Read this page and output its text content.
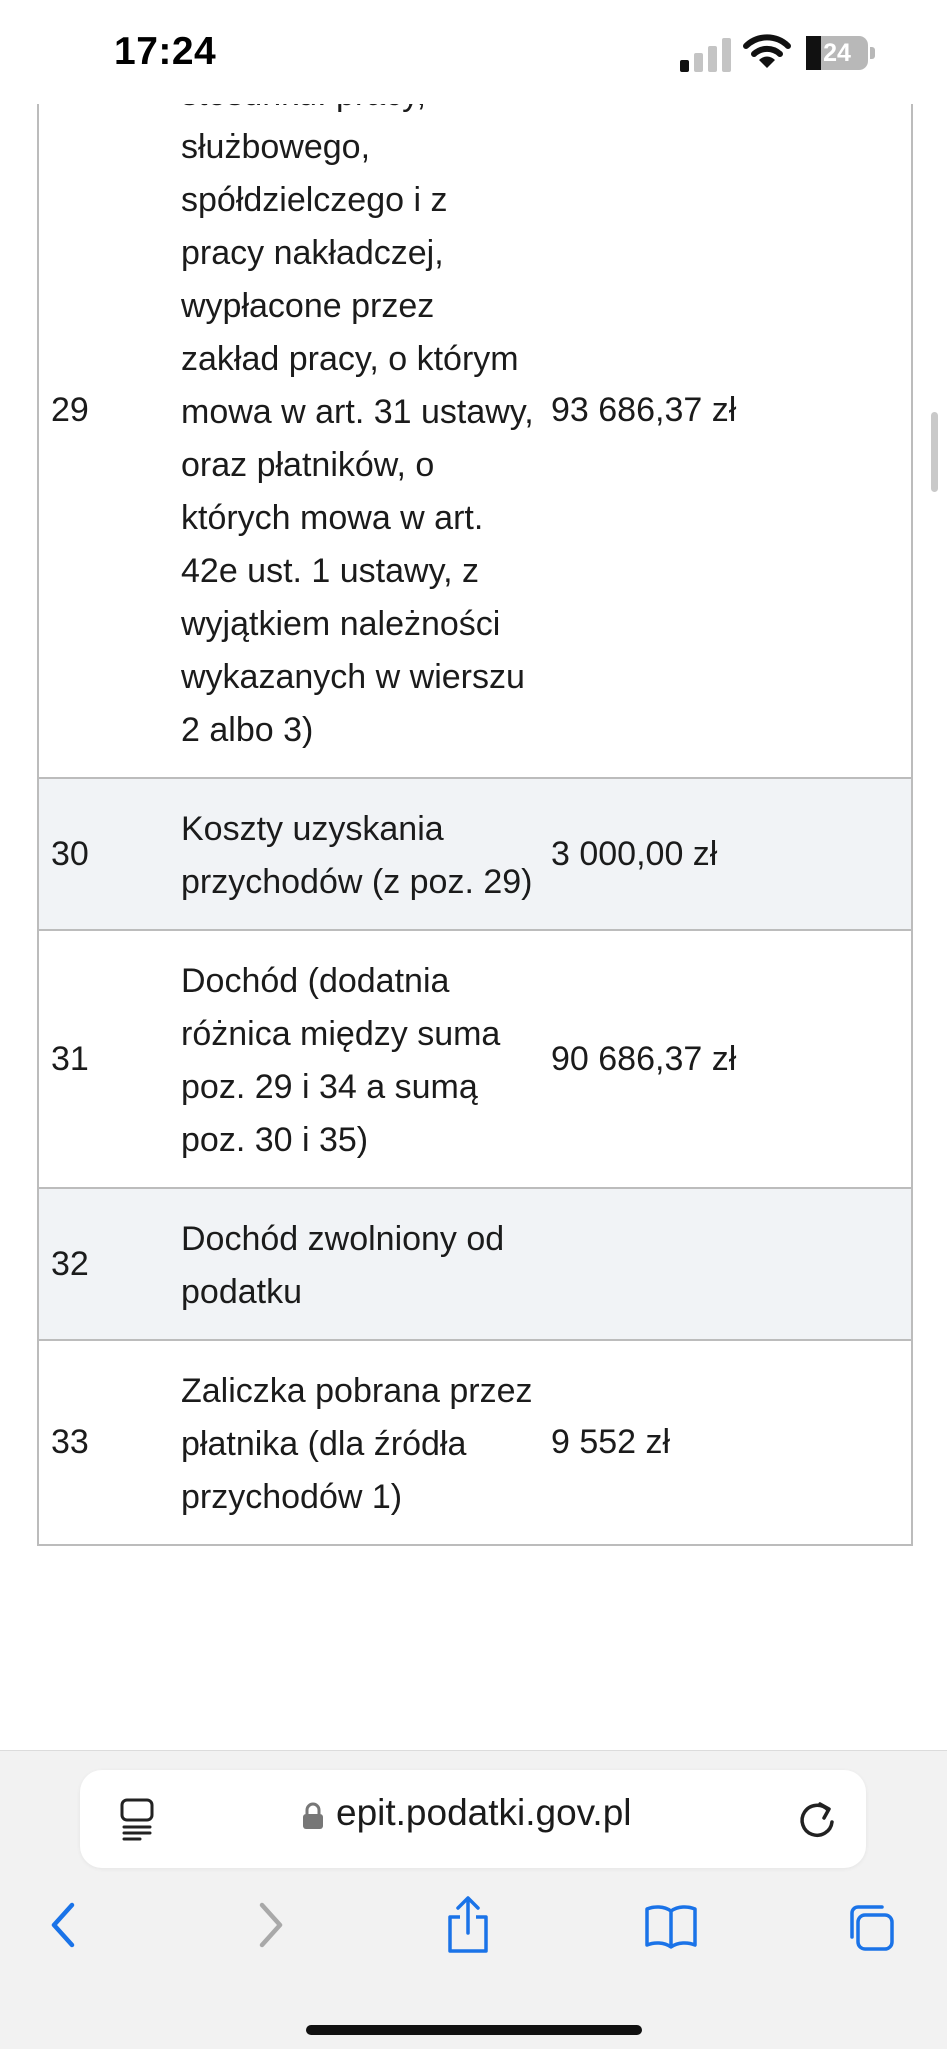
17:24	24
29
służbowego, spółdzielczego i z pracy nakładczej, wypłacone przez zakład pracy, o którym mowa w art. 31 ustawy, oraz płatników, o których mowa w art. 42e ust. 1 ustawy, z wyjątkiem należności wykazanych w wierszu 2 albo 3)
93 686,37 zł
30
Koszty uzyskania przychodów (z poz. 29)
3 000,00 zł
31
Dochód (dodatnia różnica między suma poz. 29 i 34 a sumą poz. 30 i 35)
90 686,37 zł
32
Dochód zwolniony od podatku
33
Zaliczka pobrana przez płatnika (dla źródła przychodów 1)
9 552 zł
epit.podatki.gov.pl
